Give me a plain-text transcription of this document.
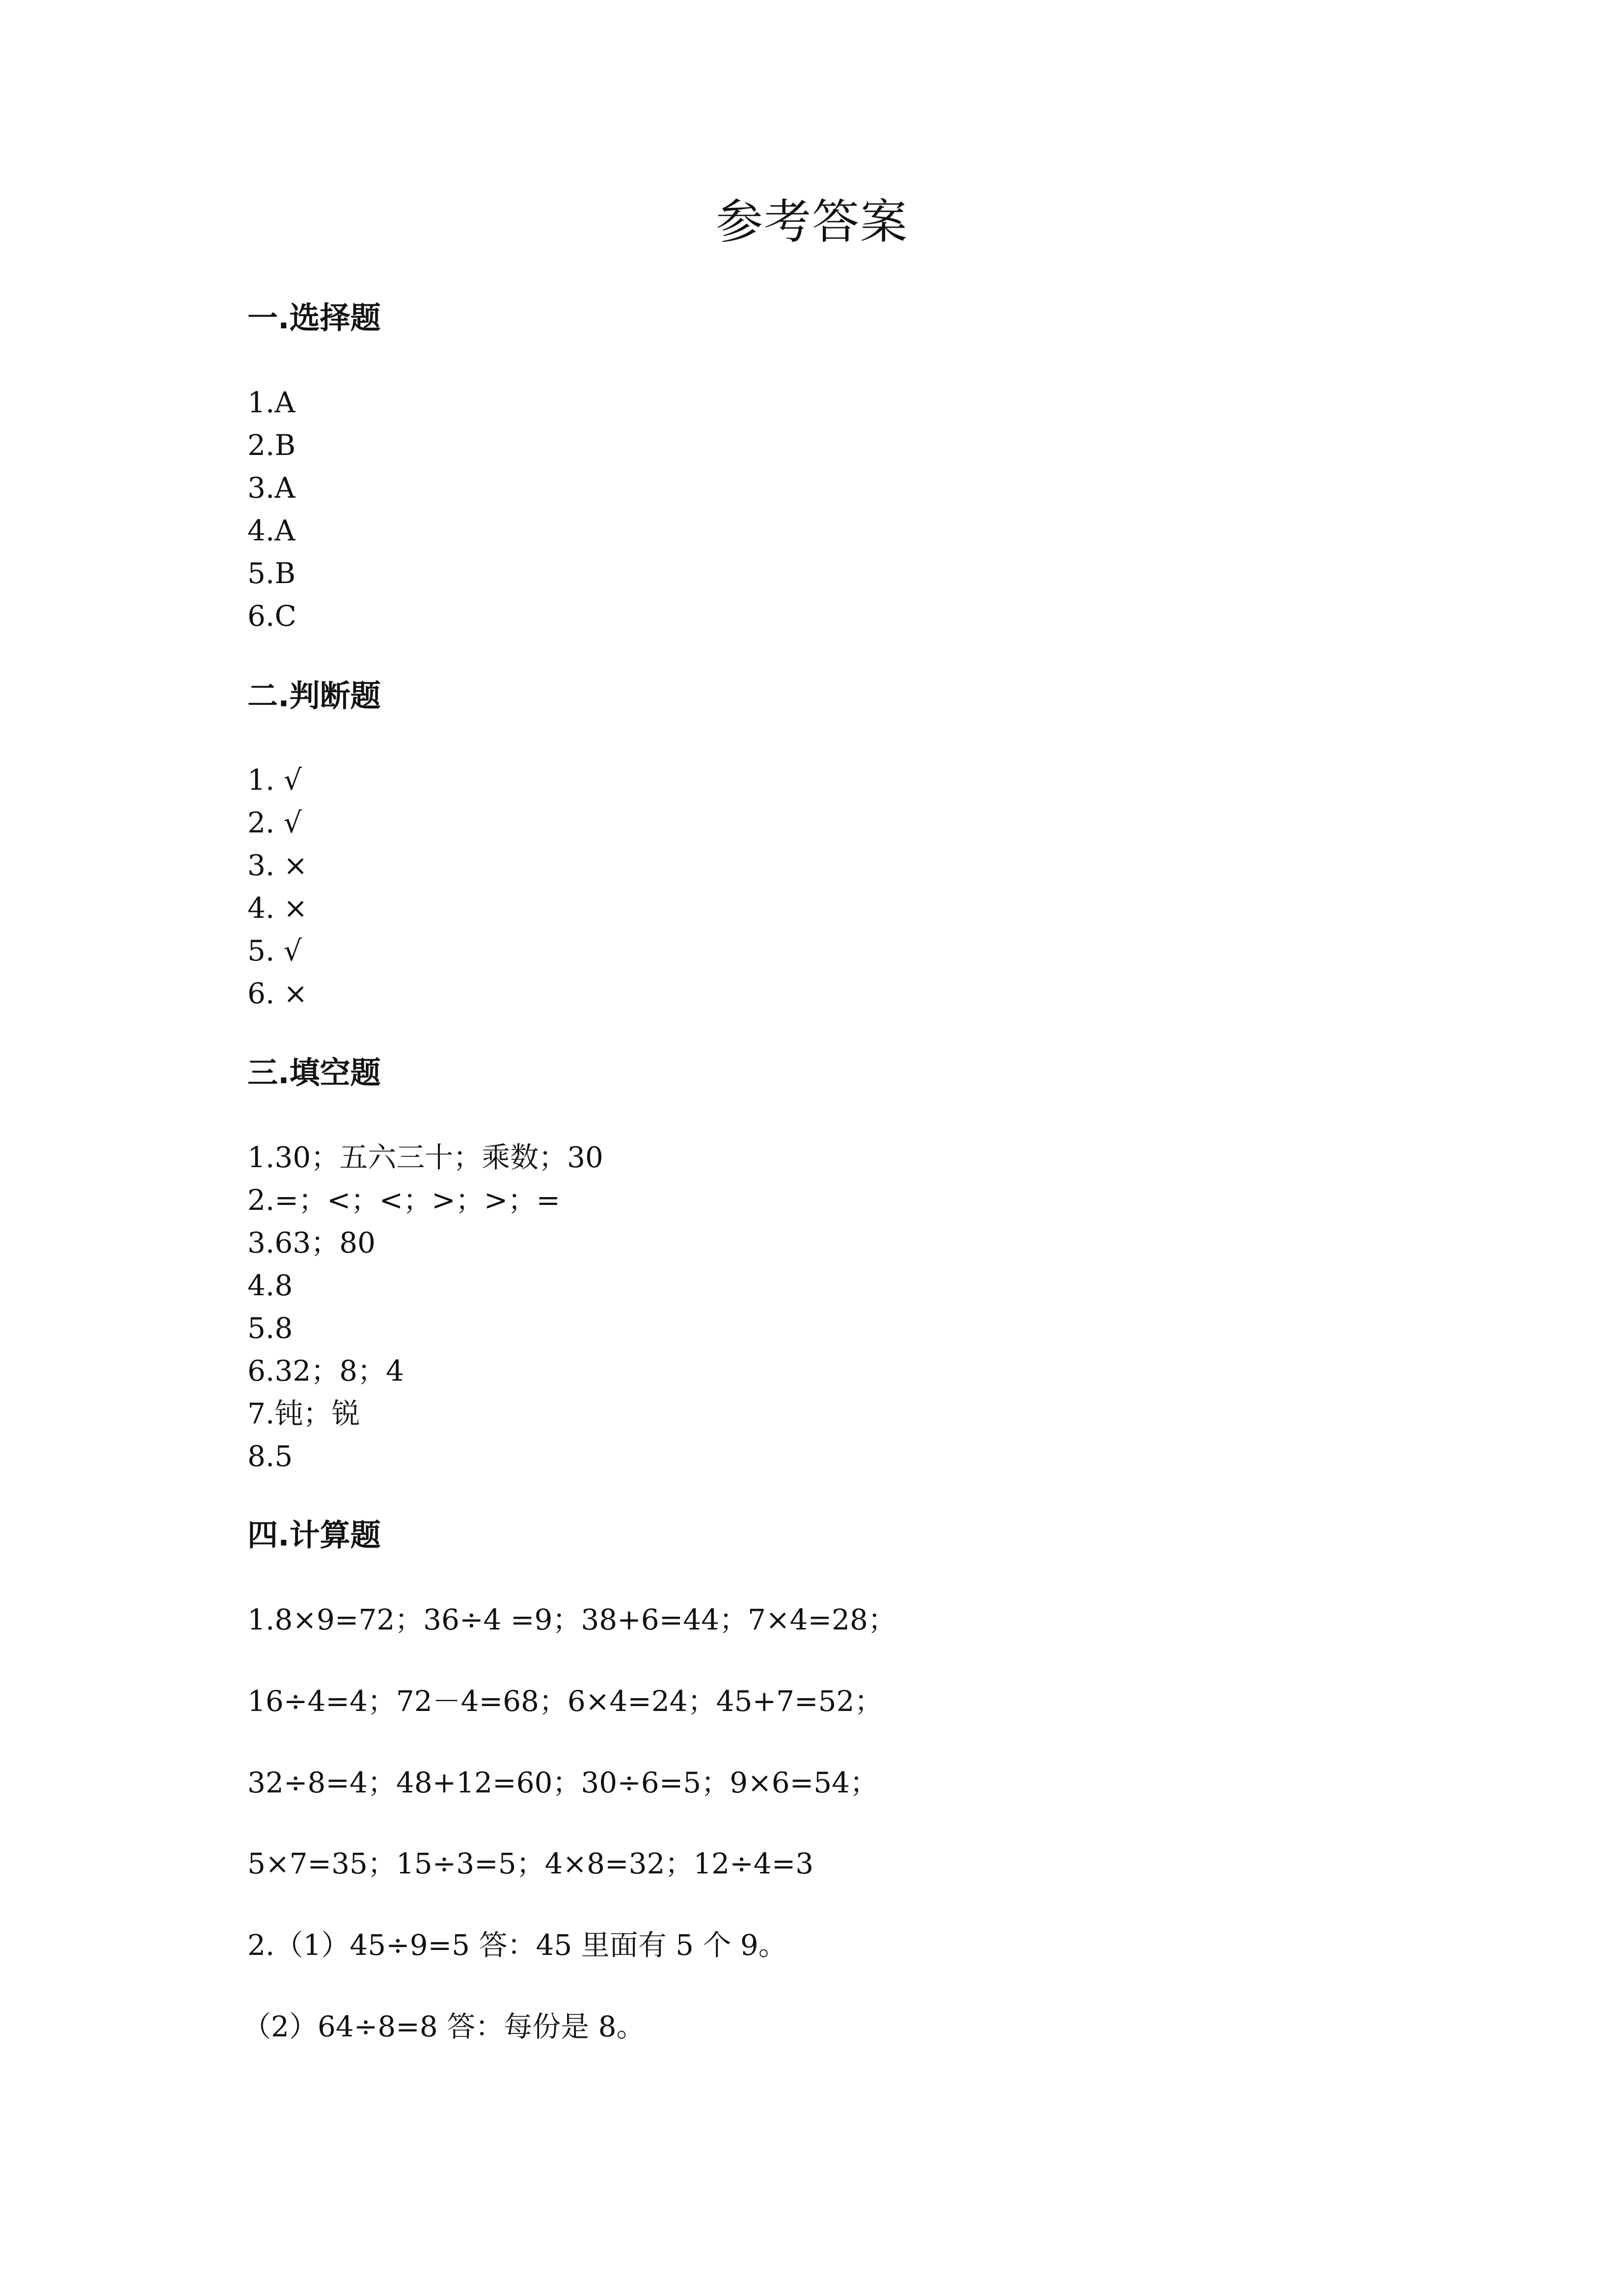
参考答案
一.选择题
1.A
2.B
3.A
4.A
5.B
6.C
二.判断题
1. √
2. √
3. ×
4. ×
5. √
6. ×
三.填空题
1.30；五六三十；乘数；30
2.=；<；<；>；>；=
3.63；80
4.8
5.8
6.32；8；4
7.钝；锐
8.5
四.计算题
1.8×9=72；36÷4 =9；38+6=44；7×4=28；
16÷4=4；72－4=68；6×4=24；45+7=52；
32÷8=4；48+12=60；30÷6=5；9×6=54；
5×7=35；15÷3=5；4×8=32；12÷4=3
2.（1）45÷9=5 答：45 里面有 5 个 9。
（2）64÷8=8 答：每份是 8。
